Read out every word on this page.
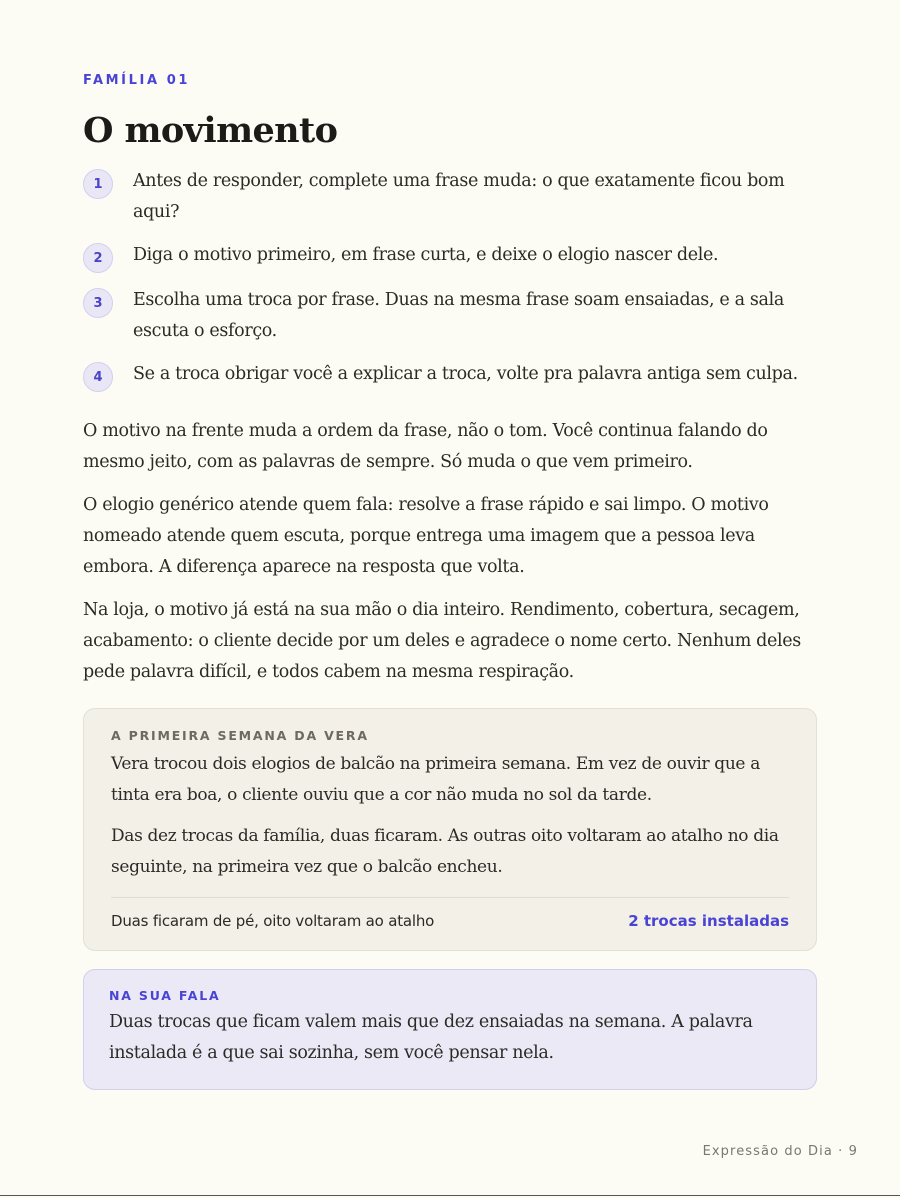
FAMÍLIA 01
O movimento
1	Antes de responder, complete uma frase muda: o que exatamente ficou bom aqui?
2	Diga o motivo primeiro, em frase curta, e deixe o elogio nascer dele.
3	Escolha uma troca por frase. Duas na mesma frase soam ensaiadas, e a sala escuta o esforço.
4	Se a troca obrigar você a explicar a troca, volte pra palavra antiga sem culpa.

O motivo na frente muda a ordem da frase, não o tom. Você continua falando do mesmo jeito, com as palavras de sempre. Só muda o que vem primeiro.

O elogio genérico atende quem fala: resolve a frase rápido e sai limpo. O motivo nomeado atende quem escuta, porque entrega uma imagem que a pessoa leva embora. A diferença aparece na resposta que volta.

Na loja, o motivo já está na sua mão o dia inteiro. Rendimento, cobertura, secagem, acabamento: o cliente decide por um deles e agradece o nome certo. Nenhum deles pede palavra difícil, e todos cabem na mesma respiração.

A PRIMEIRA SEMANA DA VERA

Vera trocou dois elogios de balcão na primeira semana. Em vez de ouvir que a tinta era boa, o cliente ouviu que a cor não muda no sol da tarde.

Das dez trocas da família, duas ficaram. As outras oito voltaram ao atalho no dia seguinte, na primeira vez que o balcão encheu.

Duas ficaram de pé, oito voltaram ao atalho	2 trocas instaladas
NA SUA FALA

Duas trocas que ficam valem mais que dez ensaiadas na semana. A palavra instalada é a que sai sozinha, sem você pensar nela.

Expressão do Dia · 9
